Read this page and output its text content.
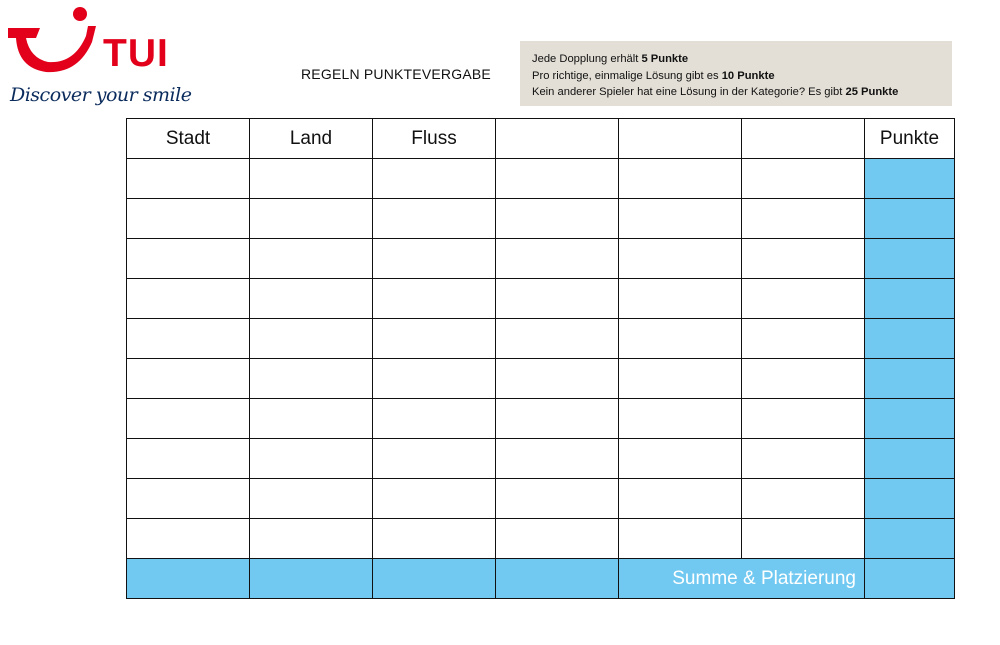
TUI
Discover your smile
REGELN PUNKTEVERGABE
Jede Dopplung erhält 5 Punkte
Pro richtige, einmalige Lösung gibt es 10 Punkte
Kein anderer Spieler hat eine Lösung in der Kategorie? Es gibt 25 Punkte
Stadt	Land	Fluss				Punkte

				Summe & Platzierung		
